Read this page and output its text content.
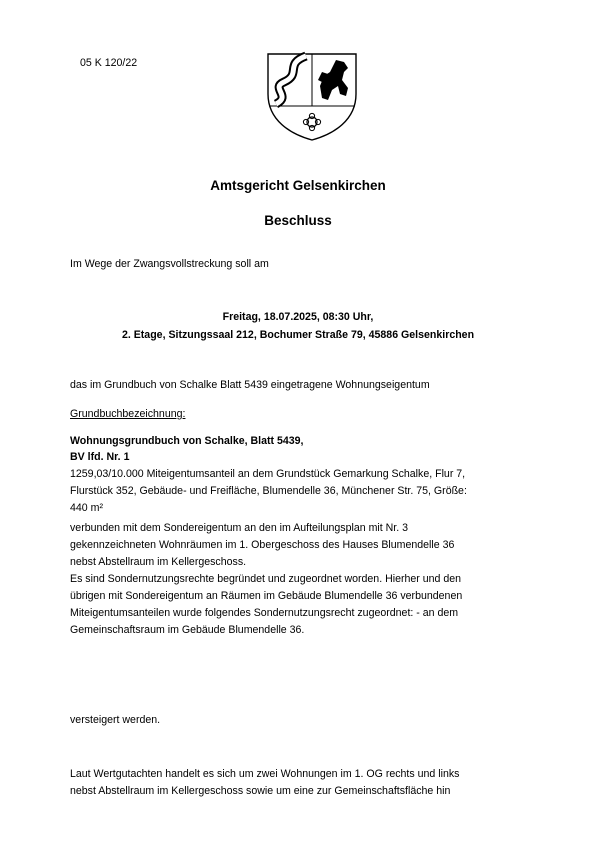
05 K 120/22
Amtsgericht Gelsenkirchen
Beschluss
Im Wege der Zwangsvollstreckung soll am
Freitag, 18.07.2025, 08:30 Uhr,
2. Etage, Sitzungssaal 212, Bochumer Straße 79, 45886 Gelsenkirchen
das im Grundbuch von Schalke Blatt 5439 eingetragene Wohnungseigentum
Grundbuchbezeichnung:
Wohnungsgrundbuch von Schalke, Blatt 5439,
BV lfd. Nr. 1
1259,03/10.000 Miteigentumsanteil an dem Grundstück Gemarkung Schalke, Flur 7,
Flurstück 352, Gebäude- und Freifläche, Blumendelle 36, Münchener Str. 75, Größe:
440 m²
verbunden mit dem Sondereigentum an den im Aufteilungsplan mit Nr. 3
gekennzeichneten Wohnräumen im 1. Obergeschoss des Hauses Blumendelle 36
nebst Abstellraum im Kellergeschoss.
Es sind Sondernutzungsrechte begründet und zugeordnet worden. Hierher und den
übrigen mit Sondereigentum an Räumen im Gebäude Blumendelle 36 verbundenen
Miteigentumsanteilen wurde folgendes Sondernutzungsrecht zugeordnet: - an dem
Gemeinschaftsraum im Gebäude Blumendelle 36.
versteigert werden.
Laut Wertgutachten handelt es sich um zwei Wohnungen im 1. OG rechts und links
nebst Abstellraum im Kellergeschoss sowie um eine zur Gemeinschaftsfläche hin
